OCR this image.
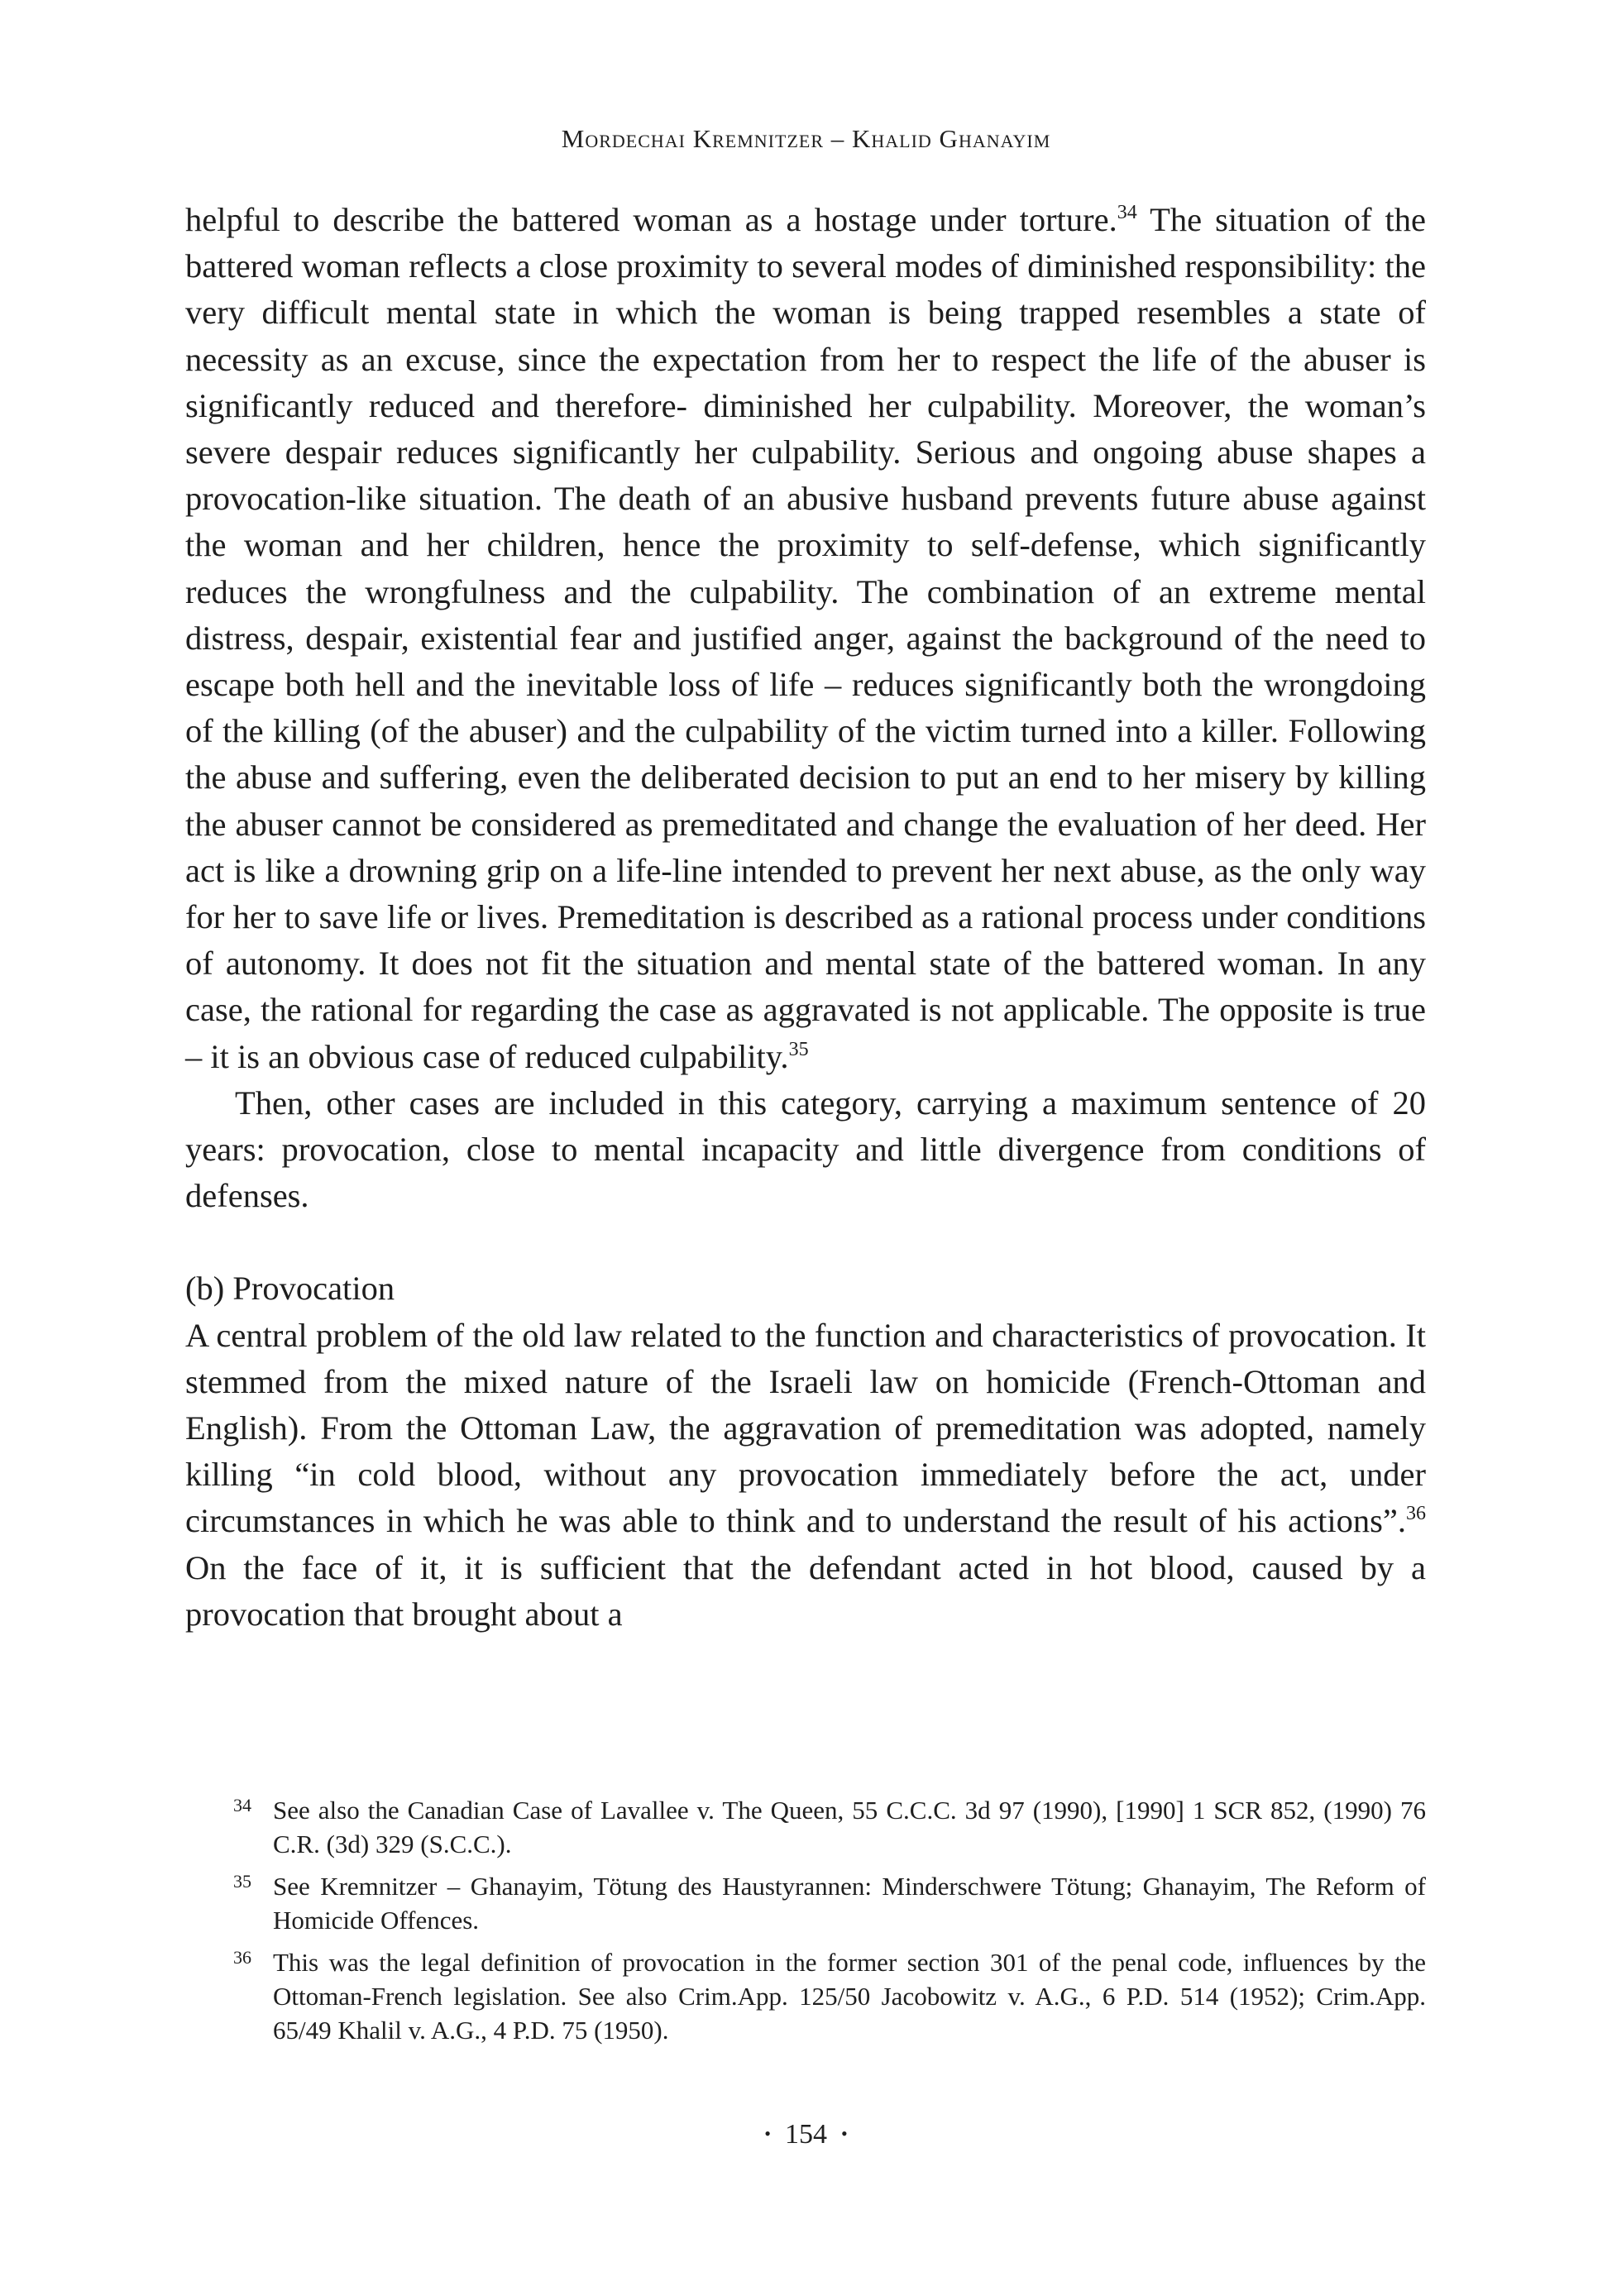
Mordechai Kremnitzer – Khalid Ghanayim

helpful to describe the battered woman as a hostage under torture.$^{34}$ The situation of the battered woman reflects a close proximity to several modes of diminished responsibility: the very difficult mental state in which the woman is being trapped resembles a state of necessity as an excuse, since the expectation from her to respect the life of the abuser is significantly reduced and therefore- diminished her culpability. Moreover, the woman’s severe despair reduces significantly her culpability. Serious and ongoing abuse shapes a provocation-like situation. The death of an abusive husband prevents future abuse against the woman and her children, hence the proximity to self-defense, which significantly reduces the wrongfulness and the culpability. The combination of an extreme mental distress, despair, existential fear and justified anger, against the background of the need to escape both hell and the inevitable loss of life – reduces significantly both the wrongdoing of the killing (of the abuser) and the culpability of the victim turned into a killer. Following the abuse and suffering, even the deliberated decision to put an end to her misery by killing the abuser cannot be considered as premeditated and change the evaluation of her deed. Her act is like a drowning grip on a life-line intended to prevent her next abuse, as the only way for her to save life or lives. Premeditation is described as a rational process under conditions of autonomy. It does not fit the situation and mental state of the battered woman. In any case, the rational for regarding the case as aggravated is not applicable. The opposite is true – it is an obvious case of reduced culpability.$^{35}$

Then, other cases are included in this category, carrying a maximum sentence of 20 years: provocation, close to mental incapacity and little divergence from conditions of defenses.

(b) Provocation

A central problem of the old law related to the function and characteristics of provocation. It stemmed from the mixed nature of the Israeli law on homicide (French-Ottoman and English). From the Ottoman Law, the aggravation of premeditation was adopted, namely killing “in cold blood, without any provocation immediately before the act, under circumstances in which he was able to think and to understand the result of his actions”.$^{36}$ On the face of it, it is sufficient that the defendant acted in hot blood, caused by a provocation that brought about a

34 See also the Canadian Case of Lavallee v. The Queen, 55 C.C.C. 3d 97 (1990), [1990] 1 SCR 852, (1990) 76 C.R. (3d) 329 (S.C.C.).
35 See Kremnitzer – Ghanayim, Tötung des Haustyrannen: Minderschwere Tötung; Ghanayim, The Reform of Homicide Offences.
36 This was the legal definition of provocation in the former section 301 of the penal code, influences by the Ottoman-French legislation. See also Crim.App. 125/50 Jacobowitz v. A.G., 6 P.D. 514 (1952); Crim.App. 65/49 Khalil v. A.G., 4 P.D. 75 (1950).
• 154 •
